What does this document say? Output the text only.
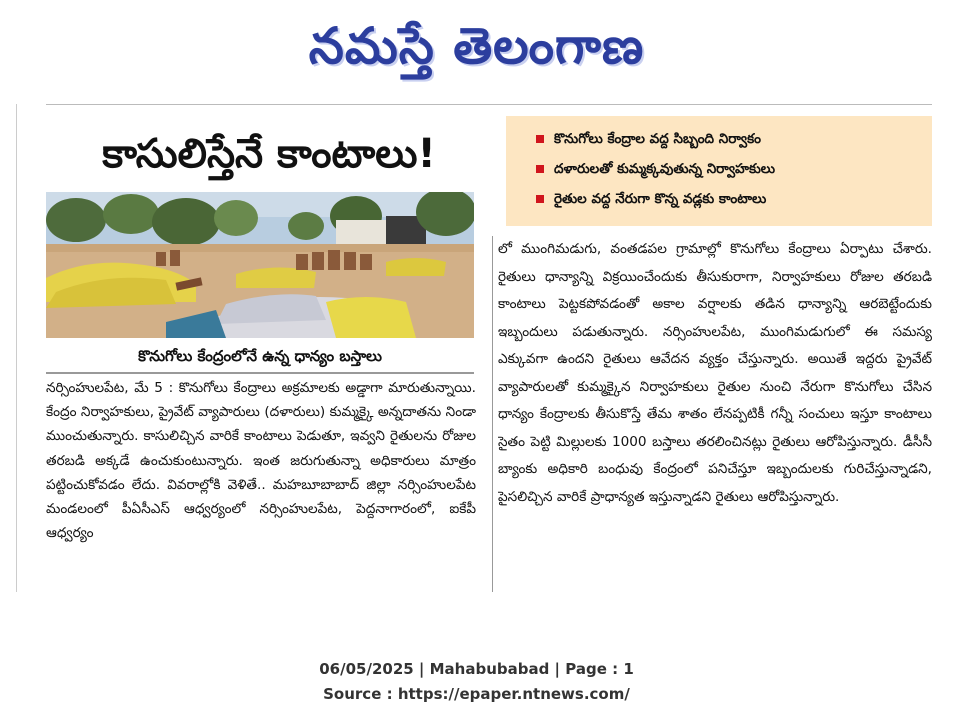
నమస్తే తెలంగాణ
కాసులిస్తేనే కాంటాలు!
కొనుగోలు కేంద్రంలోనే ఉన్న ధాన్యం బస్తాలు

నర్సింహులపేట, మే 5 : కొనుగోలు కేంద్రాలు అక్రమాలకు అడ్డాగా మారుతున్నాయి. కేంద్రం నిర్వాహకులు, ప్రైవేట్ వ్యాపారులు (దళారులు) కుమ్మక్కై అన్నదాతను నిండా ముంచుతున్నారు. కాసులిచ్చిన వారికే కాంటాలు పెడుతూ, ఇవ్వని రైతులను రోజుల తరబడి అక్కడే ఉంచుకుంటున్నారు. ఇంత జరుగుతున్నా అధికారులు మాత్రం పట్టించుకోవడం లేదు. వివరాల్లోకి వెళితే.. మహబూబాబాద్ జిల్లా నర్సింహులపేట మండలంలో పీఏసీఎస్ ఆధ్వర్యంలో నర్సింహులపేట, పెద్దనాగారంలో, ఐకేపీ ఆధ్వర్యం

కొనుగోలు కేంద్రాల వద్ద సిబ్బంది నిర్వాకం
దళారులతో కుమ్మక్కవుతున్న నిర్వాహకులు
రైతుల వద్ద నేరుగా కొన్న వడ్లకు కాంటాలు

లో ముంగిమడుగు, వంతడపల గ్రామాల్లో కొనుగోలు కేంద్రాలు ఏర్పాటు చేశారు. రైతులు ధాన్యాన్ని విక్రయించేందుకు తీసుకురాగా, నిర్వాహకులు రోజుల తరబడి కాంటాలు పెట్టకపోవడంతో అకాల వర్షాలకు తడిన ధాన్యాన్ని ఆరబెట్టేందుకు ఇబ్బందులు పడుతున్నారు. నర్సింహులపేట, ముంగిమడుగులో ఈ సమస్య ఎక్కువగా ఉందని రైతులు ఆవేదన వ్యక్తం చేస్తున్నారు. అయితే ఇద్దరు ప్రైవేట్ వ్యాపారులతో కుమ్మక్కైన నిర్వాహకులు రైతుల నుంచి నేరుగా కొనుగోలు చేసిన ధాన్యం కేంద్రాలకు తీసుకొస్తే తేమ శాతం లేనప్పటికీ గన్నీ సంచులు ఇస్తూ కాంటాలు సైతం పెట్టి మిల్లులకు 1000 బస్తాలు తరలించినట్లు రైతులు ఆరోపిస్తున్నారు. డీసీసీ బ్యాంకు అధికారి బంధువు కేంద్రంలో పనిచేస్తూ ఇబ్బందులకు గురిచేస్తున్నాడని, పైసలిచ్చిన వారికే ప్రాధాన్యత ఇస్తున్నాడని రైతులు ఆరోపిస్తున్నారు.

06/05/2025 | Mahabubabad | Page : 1
Source : https://epaper.ntnews.com/
